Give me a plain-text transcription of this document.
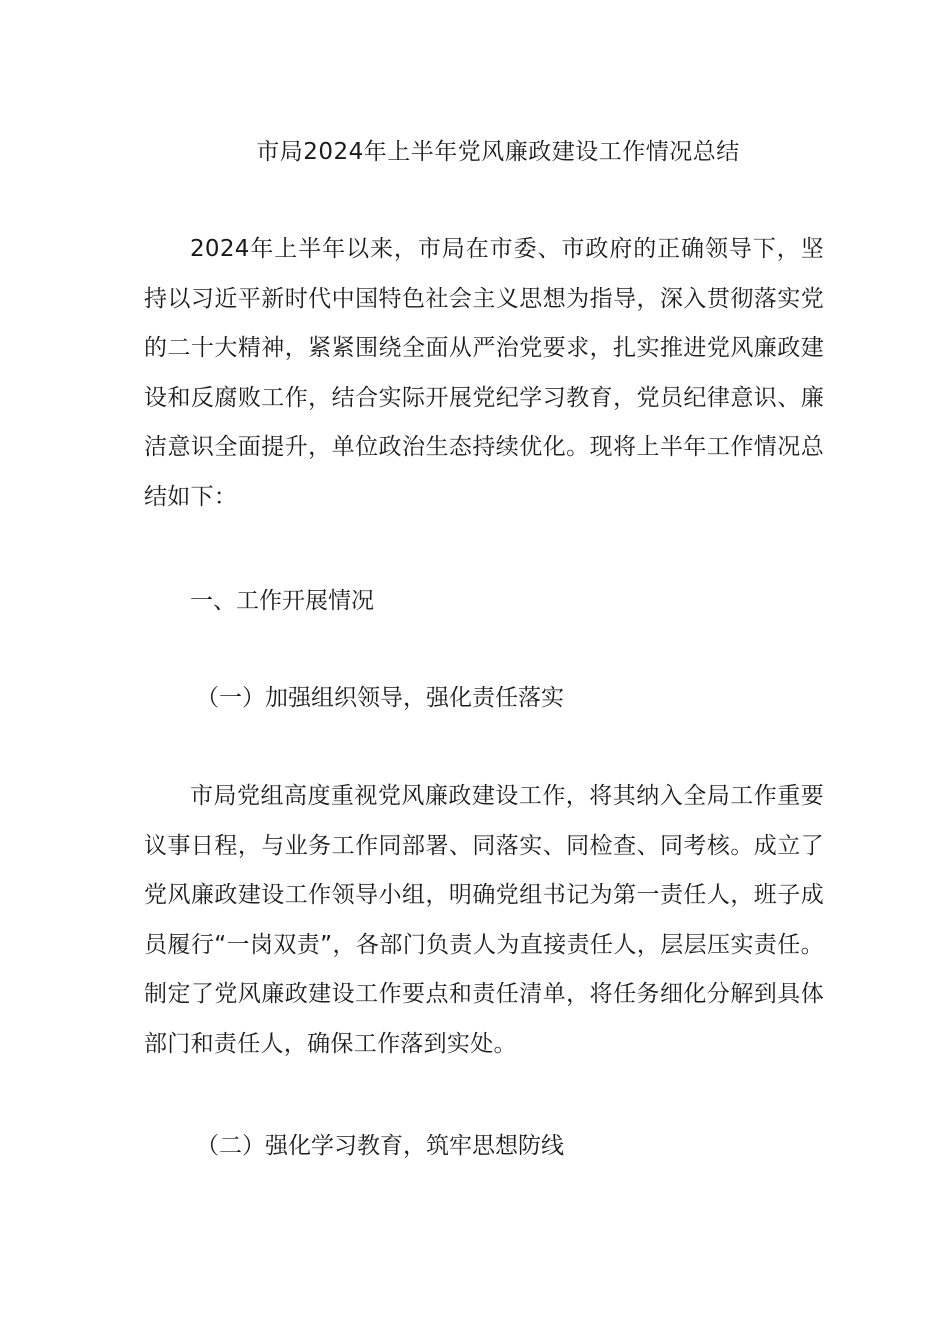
市局2024年上半年党风廉政建设工作情况总结

2024年上半年以来，市局在市委、市政府的正确领导下，坚持以习近平新时代中国特色社会主义思想为指导，深入贯彻落实党的二十大精神，紧紧围绕全面从严治党要求，扎实推进党风廉政建设和反腐败工作，结合实际开展党纪学习教育，党员纪律意识、廉洁意识全面提升，单位政治生态持续优化。现将上半年工作情况总结如下：

一、工作开展情况
（一）加强组织领导，强化责任落实

市局党组高度重视党风廉政建设工作，将其纳入全局工作重要议事日程，与业务工作同部署、同落实、同检查、同考核。成立了党风廉政建设工作领导小组，明确党组书记为第一责任人，班子成员履行“一岗双责”，各部门负责人为直接责任人，层层压实责任。制定了党风廉政建设工作要点和责任清单，将任务细化分解到具体部门和责任人，确保工作落到实处。

（二）强化学习教育，筑牢思想防线
